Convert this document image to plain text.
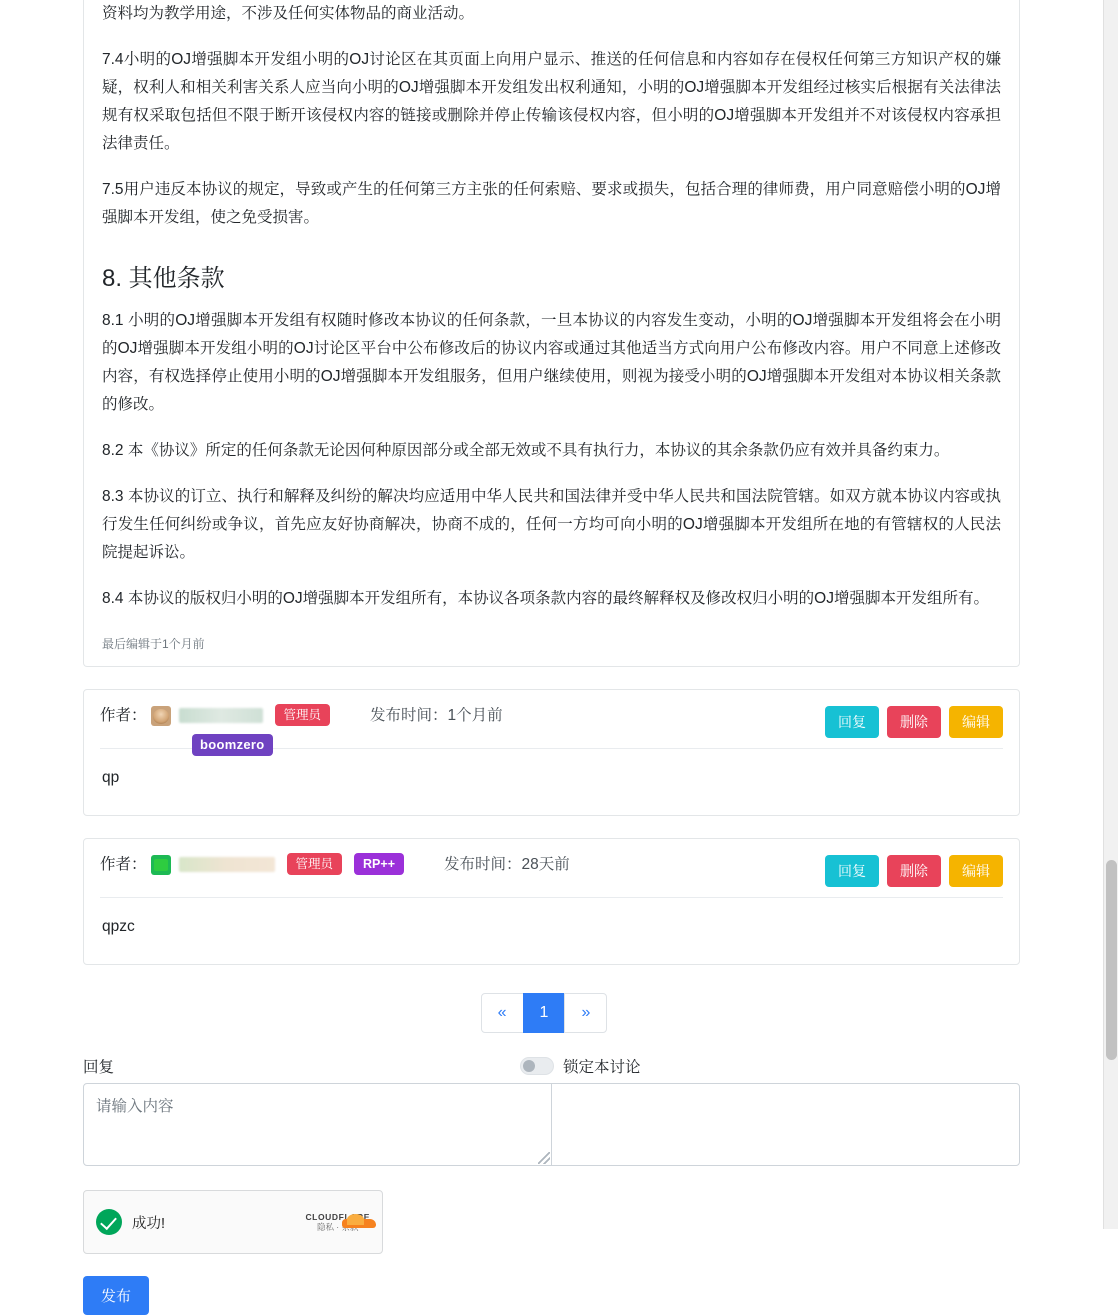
资料均为教学用途，不涉及任何实体物品的商业活动。

7.4小明的OJ增强脚本开发组小明的OJ讨论区在其页面上向用户显示、推送的任何信息和内容如存在侵权任何第三方知识产权的嫌疑，权利人和相关利害关系人应当向小明的OJ增强脚本开发组发出权利通知，小明的OJ增强脚本开发组经过核实后根据有关法律法规有权采取包括但不限于断开该侵权内容的链接或删除并停止传输该侵权内容，但小明的OJ增强脚本开发组并不对该侵权内容承担法律责任。

7.5用户违反本协议的规定，导致或产生的任何第三方主张的任何索赔、要求或损失，包括合理的律师费，用户同意赔偿小明的OJ增强脚本开发组，使之免受损害。

8. 其他条款

8.1 小明的OJ增强脚本开发组有权随时修改本协议的任何条款，一旦本协议的内容发生变动，小明的OJ增强脚本开发组将会在小明的OJ增强脚本开发组小明的OJ讨论区平台中公布修改后的协议内容或通过其他适当方式向用户公布修改内容。用户不同意上述修改内容，有权选择停止使用小明的OJ增强脚本开发组服务，但用户继续使用，则视为接受小明的OJ增强脚本开发组对本协议相关条款的修改。

8.2 本《协议》所定的任何条款无论因何种原因部分或全部无效或不具有执行力，本协议的其余条款仍应有效并具备约束力。

8.3 本协议的订立、执行和解释及纠纷的解决均应适用中华人民共和国法律并受中华人民共和国法院管辖。如双方就本协议内容或执行发生任何纠纷或争议，首先应友好协商解决，协商不成的，任何一方均可向小明的OJ增强脚本开发组所在地的有管辖权的人民法院提起诉讼。

8.4 本协议的版权归小明的OJ增强脚本开发组所有，本协议各项条款内容的最终解释权及修改权归小明的OJ增强脚本开发组所有。

最后编辑于1个月前
作者：	管理员	发布时间：1个月前
boomzero
回复	删除	编辑
qp
作者：	管理员	RP++	发布时间：28天前	回复	删除	编辑
qpzc
«	1	»
回复	锁定本讨论
请输入内容
成功!	CLOUDFLARE
隐私 · 条款
发布
